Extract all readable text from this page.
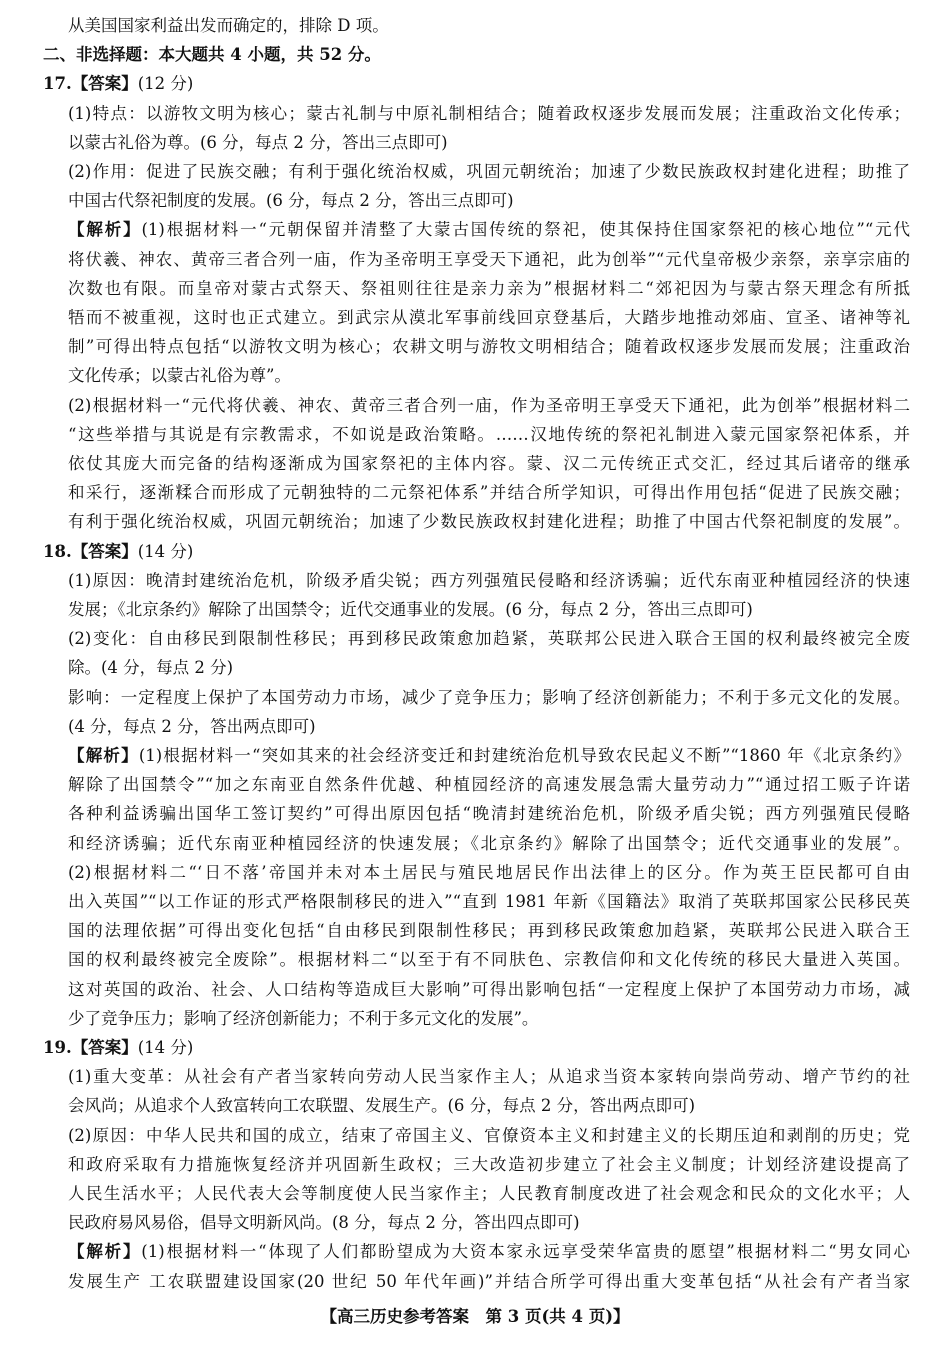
从美国国家利益出发而确定的，排除 D 项。
二、非选择题：本大题共 4 小题，共 52 分。
17.【答案】(12 分)
(1)特点：以游牧文明为核心；蒙古礼制与中原礼制相结合；随着政权逐步发展而发展；注重政治文化传承；
以蒙古礼俗为尊。(6 分，每点 2 分，答出三点即可)
(2)作用：促进了民族交融；有利于强化统治权威，巩固元朝统治；加速了少数民族政权封建化进程；助推了
中国古代祭祀制度的发展。(6 分，每点 2 分，答出三点即可)
【解析】(1)根据材料一“元朝保留并清整了大蒙古国传统的祭祀，使其保持住国家祭祀的核心地位”“元代
将伏羲、神农、黄帝三者合列一庙，作为圣帝明王享受天下通祀，此为创举”“元代皇帝极少亲祭，亲享宗庙的
次数也有限。而皇帝对蒙古式祭天、祭祖则往往是亲力亲为”根据材料二“郊祀因为与蒙古祭天理念有所抵
牾而不被重视，这时也正式建立。到武宗从漠北军事前线回京登基后，大踏步地推动郊庙、宣圣、诸神等礼
制”可得出特点包括“以游牧文明为核心；农耕文明与游牧文明相结合；随着政权逐步发展而发展；注重政治
文化传承；以蒙古礼俗为尊”。
(2)根据材料一“元代将伏羲、神农、黄帝三者合列一庙，作为圣帝明王享受天下通祀，此为创举”根据材料二
“这些举措与其说是有宗教需求，不如说是政治策略。……汉地传统的祭祀礼制进入蒙元国家祭祀体系，并
依仗其庞大而完备的结构逐渐成为国家祭祀的主体内容。蒙、汉二元传统正式交汇，经过其后诸帝的继承
和采行，逐渐糅合而形成了元朝独特的二元祭祀体系”并结合所学知识，可得出作用包括“促进了民族交融；
有利于强化统治权威，巩固元朝统治；加速了少数民族政权封建化进程；助推了中国古代祭祀制度的发展”。
18.【答案】(14 分)
(1)原因：晚清封建统治危机，阶级矛盾尖锐；西方列强殖民侵略和经济诱骗；近代东南亚种植园经济的快速
发展；《北京条约》解除了出国禁令；近代交通事业的发展。(6 分，每点 2 分，答出三点即可)
(2)变化：自由移民到限制性移民；再到移民政策愈加趋紧，英联邦公民进入联合王国的权利最终被完全废
除。(4 分，每点 2 分)
影响：一定程度上保护了本国劳动力市场，减少了竞争压力；影响了经济创新能力；不利于多元文化的发展。
(4 分，每点 2 分，答出两点即可)
【解析】(1)根据材料一“突如其来的社会经济变迁和封建统治危机导致农民起义不断”“1860 年《北京条约》
解除了出国禁令”“加之东南亚自然条件优越、种植园经济的高速发展急需大量劳动力”“通过招工贩子许诺
各种利益诱骗出国华工签订契约”可得出原因包括“晚清封建统治危机，阶级矛盾尖锐；西方列强殖民侵略
和经济诱骗；近代东南亚种植园经济的快速发展；《北京条约》解除了出国禁令；近代交通事业的发展”。
(2)根据材料二“‘日不落’帝国并未对本土居民与殖民地居民作出法律上的区分。作为英王臣民都可自由
出入英国”“以工作证的形式严格限制移民的进入”“直到 1981 年新《国籍法》取消了英联邦国家公民移民英
国的法理依据”可得出变化包括“自由移民到限制性移民；再到移民政策愈加趋紧，英联邦公民进入联合王
国的权利最终被完全废除”。根据材料二“以至于有不同肤色、宗教信仰和文化传统的移民大量进入英国。
这对英国的政治、社会、人口结构等造成巨大影响”可得出影响包括“一定程度上保护了本国劳动力市场，减
少了竞争压力；影响了经济创新能力；不利于多元文化的发展”。
19.【答案】(14 分)
(1)重大变革：从社会有产者当家转向劳动人民当家作主人；从追求当资本家转向崇尚劳动、增产节约的社
会风尚；从追求个人致富转向工农联盟、发展生产。(6 分，每点 2 分，答出两点即可)
(2)原因：中华人民共和国的成立，结束了帝国主义、官僚资本主义和封建主义的长期压迫和剥削的历史；党
和政府采取有力措施恢复经济并巩固新生政权；三大改造初步建立了社会主义制度；计划经济建设提高了
人民生活水平；人民代表大会等制度使人民当家作主；人民教育制度改进了社会观念和民众的文化水平；人
民政府易风易俗，倡导文明新风尚。(8 分，每点 2 分，答出四点即可)
【解析】(1)根据材料一“体现了人们都盼望成为大资本家永远享受荣华富贵的愿望”根据材料二“男女同心
发展生产 工农联盟建设国家(20 世纪 50 年代年画)”并结合所学可得出重大变革包括“从社会有产者当家
【高三历史参考答案　第 3 页(共 4 页)】
